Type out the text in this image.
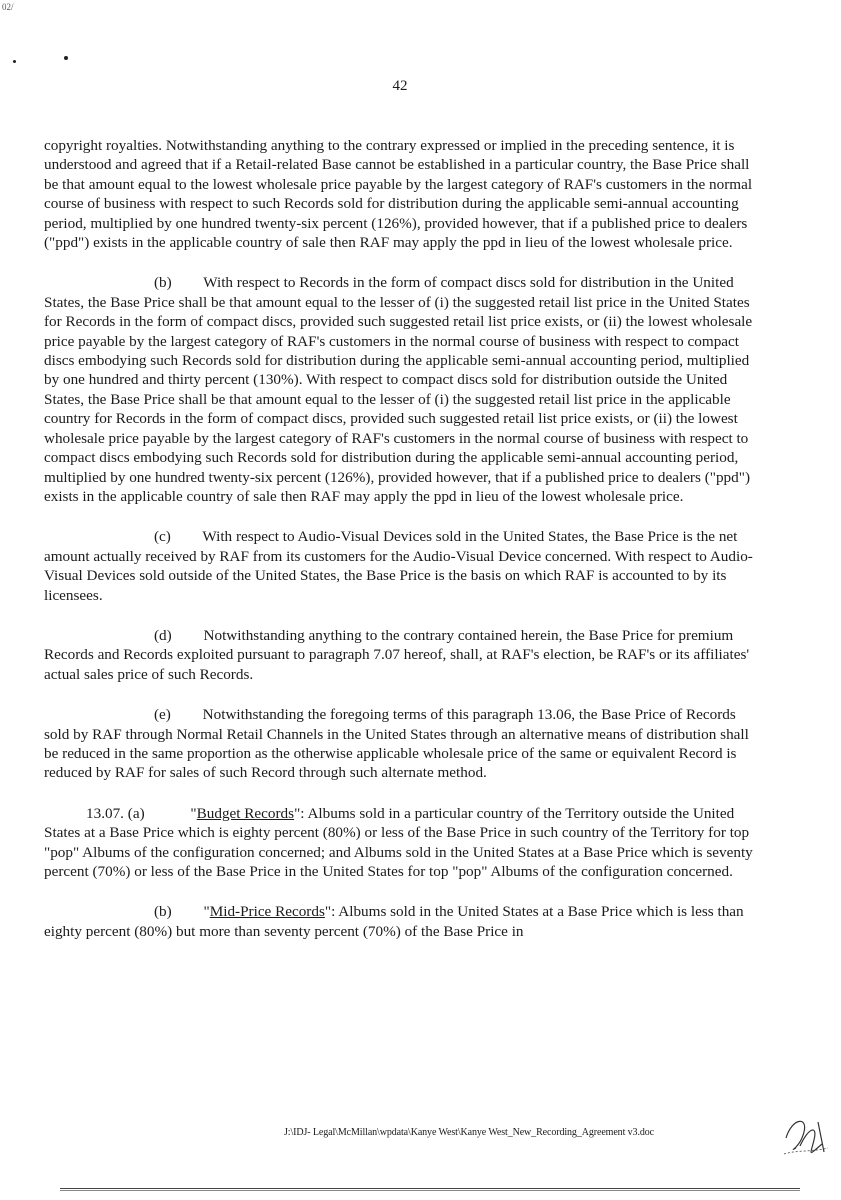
02/
42

copyright royalties. Notwithstanding anything to the contrary expressed or implied in the preceding sentence, it is understood and agreed that if a Retail-related Base cannot be established in a particular country, the Base Price shall be that amount equal to the lowest wholesale price payable by the largest category of RAF's customers in the normal course of business with respect to such Records sold for distribution during the applicable semi-annual accounting period, multiplied by one hundred twenty-six percent (126%), provided however, that if a published price to dealers ("ppd") exists in the applicable country of sale then RAF may apply the ppd in lieu of the lowest wholesale price.

(b) With respect to Records in the form of compact discs sold for distribution in the United States, the Base Price shall be that amount equal to the lesser of (i) the suggested retail list price in the United States for Records in the form of compact discs, provided such suggested retail list price exists, or (ii) the lowest wholesale price payable by the largest category of RAF's customers in the normal course of business with respect to compact discs embodying such Records sold for distribution during the applicable semi-annual accounting period, multiplied by one hundred and thirty percent (130%). With respect to compact discs sold for distribution outside the United States, the Base Price shall be that amount equal to the lesser of (i) the suggested retail list price in the applicable country for Records in the form of compact discs, provided such suggested retail list price exists, or (ii) the lowest wholesale price payable by the largest category of RAF's customers in the normal course of business with respect to compact discs embodying such Records sold for distribution during the applicable semi-annual accounting period, multiplied by one hundred twenty-six percent (126%), provided however, that if a published price to dealers ("ppd") exists in the applicable country of sale then RAF may apply the ppd in lieu of the lowest wholesale price.

(c) With respect to Audio-Visual Devices sold in the United States, the Base Price is the net amount actually received by RAF from its customers for the Audio-Visual Device concerned. With respect to Audio-Visual Devices sold outside of the United States, the Base Price is the basis on which RAF is accounted to by its licensees.

(d) Notwithstanding anything to the contrary contained herein, the Base Price for premium Records and Records exploited pursuant to paragraph 7.07 hereof, shall, at RAF's election, be RAF's or its affiliates' actual sales price of such Records.

(e) Notwithstanding the foregoing terms of this paragraph 13.06, the Base Price of Records sold by RAF through Normal Retail Channels in the United States through an alternative means of distribution shall be reduced in the same proportion as the otherwise applicable wholesale price of the same or equivalent Record is reduced by RAF for sales of such Record through such alternate method.

13.07. (a)	"Budget Records": Albums sold in a particular country of the Territory outside the United States at a Base Price which is eighty percent (80%) or less of the Base Price in such country of the Territory for top "pop" Albums of the configuration concerned; and Albums sold in the United States at a Base Price which is seventy percent (70%) or less of the Base Price in the United States for top "pop" Albums of the configuration concerned.

(b) "Mid-Price Records": Albums sold in the United States at a Base Price which is less than eighty percent (80%) but more than seventy percent (70%) of the Base Price in

J:\IDJ- Legal\McMillan\wpdata\Kanye West\Kanye West_New_Recording_Agreement v3.doc
